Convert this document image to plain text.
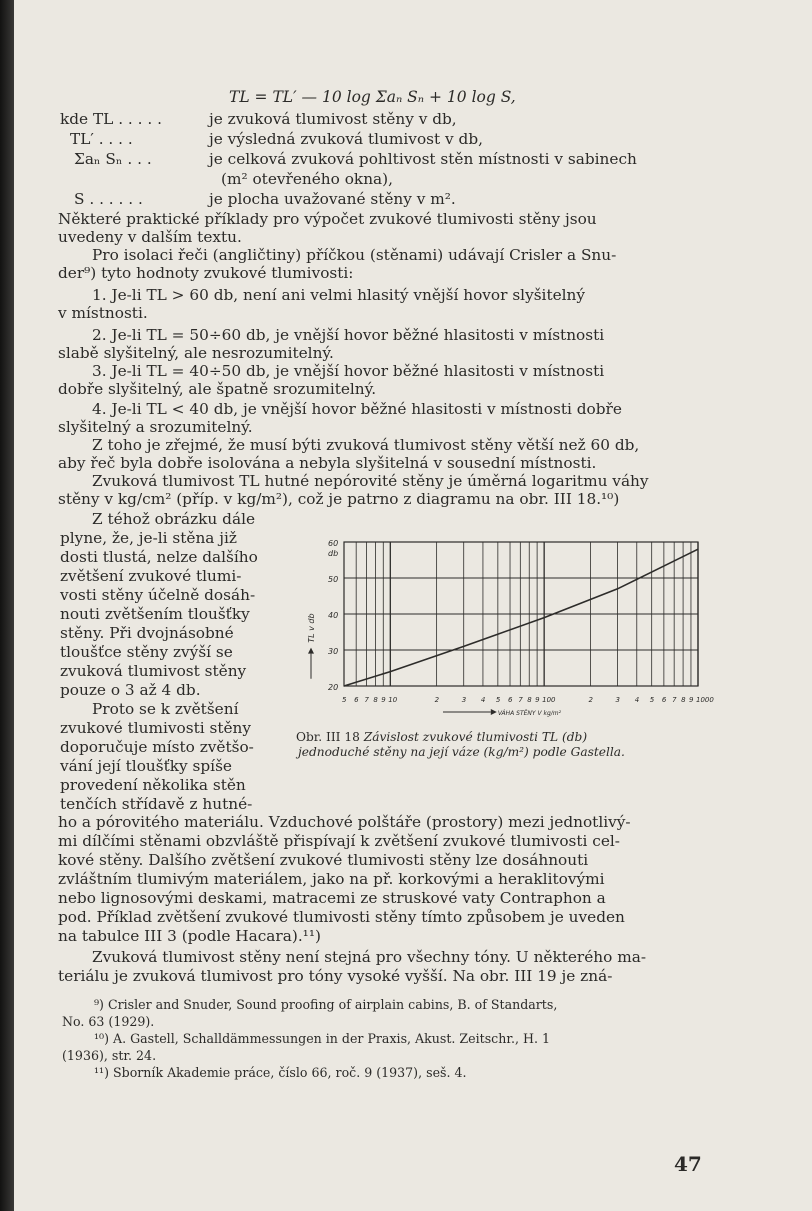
TL = TL′ — 10 log Σaₙ Sₙ + 10 log S,
kde TL . . . . .	je zvuková tlumivost stěny v db,
TL′ . . . .	je výsledná zvuková tlumivost v db,
Σaₙ Sₙ . . .	je celková zvuková pohltivost stěn místnosti v sabinech
(m² otevřeného okna),
S . . . . . .	je plocha uvažované stěny v m².
Některé praktické příklady pro výpočet zvukové tlumivosti stěny jsou
uvedeny v dalším textu.
Pro isolaci řeči (angličtiny) příčkou (stěnami) udávají Crisler a Snu-
der⁹) tyto hodnoty zvukové tlumivosti:
1. Je-li TL > 60 db, není ani velmi hlasitý vnější hovor slyšitelný
v místnosti.
2. Je-li TL = 50÷60 db, je vnější hovor běžné hlasitosti v místnosti
slabě slyšitelný, ale nesrozumitelný.
3. Je-li TL = 40÷50 db, je vnější hovor běžné hlasitosti v místnosti
dobře slyšitelný, ale špatně srozumitelný.
4. Je-li TL < 40 db, je vnější hovor běžné hlasitosti v místnosti dobře
slyšitelný a srozumitelný.
Z toho je zřejmé, že musí býti zvuková tlumivost stěny větší než 60 db,
aby řeč byla dobře isolována a nebyla slyšitelná v sousední místnosti.
Zvuková tlumivost TL hutné nepórovité stěny je úměrná logaritmu váhy
stěny v kg/cm² (příp. v kg/m²), což je patrno z diagramu na obr. III 18.¹⁰)
Z téhož obrázku dále
plyne, že, je-li stěna již
dosti tlustá, nelze dalšího
zvětšení zvukové tlumi-
vosti stěny účelně dosáh-
nouti zvětšením tloušťky
stěny. Při dvojnásobné
tloušťce stěny zvýší se
zvuková tlumivost stěny
pouze o 3 až 4 db.
Proto se k zvětšení
zvukové tlumivosti stěny
doporučuje místo zvětšo-
vání její tloušťky spíše
provedení několika stěn
tenčích střídavě z hutné-
20
30
40
50
60
db
5 6 7 8 9 10	2	3 4 5 6 7 8 9 100	2	3 4 5 6 7 8 9 1000
VÁHA STĚNY V kg/m²
TL v db
Obr. III 18 Závislost zvukové tlumivosti TL (db)
jednoduché stěny na její váze (kg/m²) podle Gastella.
ho a pórovitého materiálu. Vzduchové polštáře (prostory) mezi jednotlivý-
mi dílčími stěnami obzvláště přispívají k zvětšení zvukové tlumivosti cel-
kové stěny. Dalšího zvětšení zvukové tlumivosti stěny lze dosáhnouti
zvláštním tlumivým materiálem, jako na př. korkovými a heraklitovými
nebo lignosovými deskami, matracemi ze struskové vaty Contraphon a
pod. Příklad zvětšení zvukové tlumivosti stěny tímto způsobem je uveden
na tabulce III 3 (podle Hacara).¹¹)
Zvuková tlumivost stěny není stejná pro všechny tóny. U některého ma-
teriálu je zvuková tlumivost pro tóny vysoké vyšší. Na obr. III 19 je zná-
⁹) Crisler and Snuder, Sound proofing of airplain cabins, B. of Standarts,
No. 63 (1929).
¹⁰) A. Gastell, Schalldämmessungen in der Praxis, Akust. Zeitschr., H. 1
(1936), str. 24.
¹¹) Sborník Akademie práce, číslo 66, roč. 9 (1937), seš. 4.
47
